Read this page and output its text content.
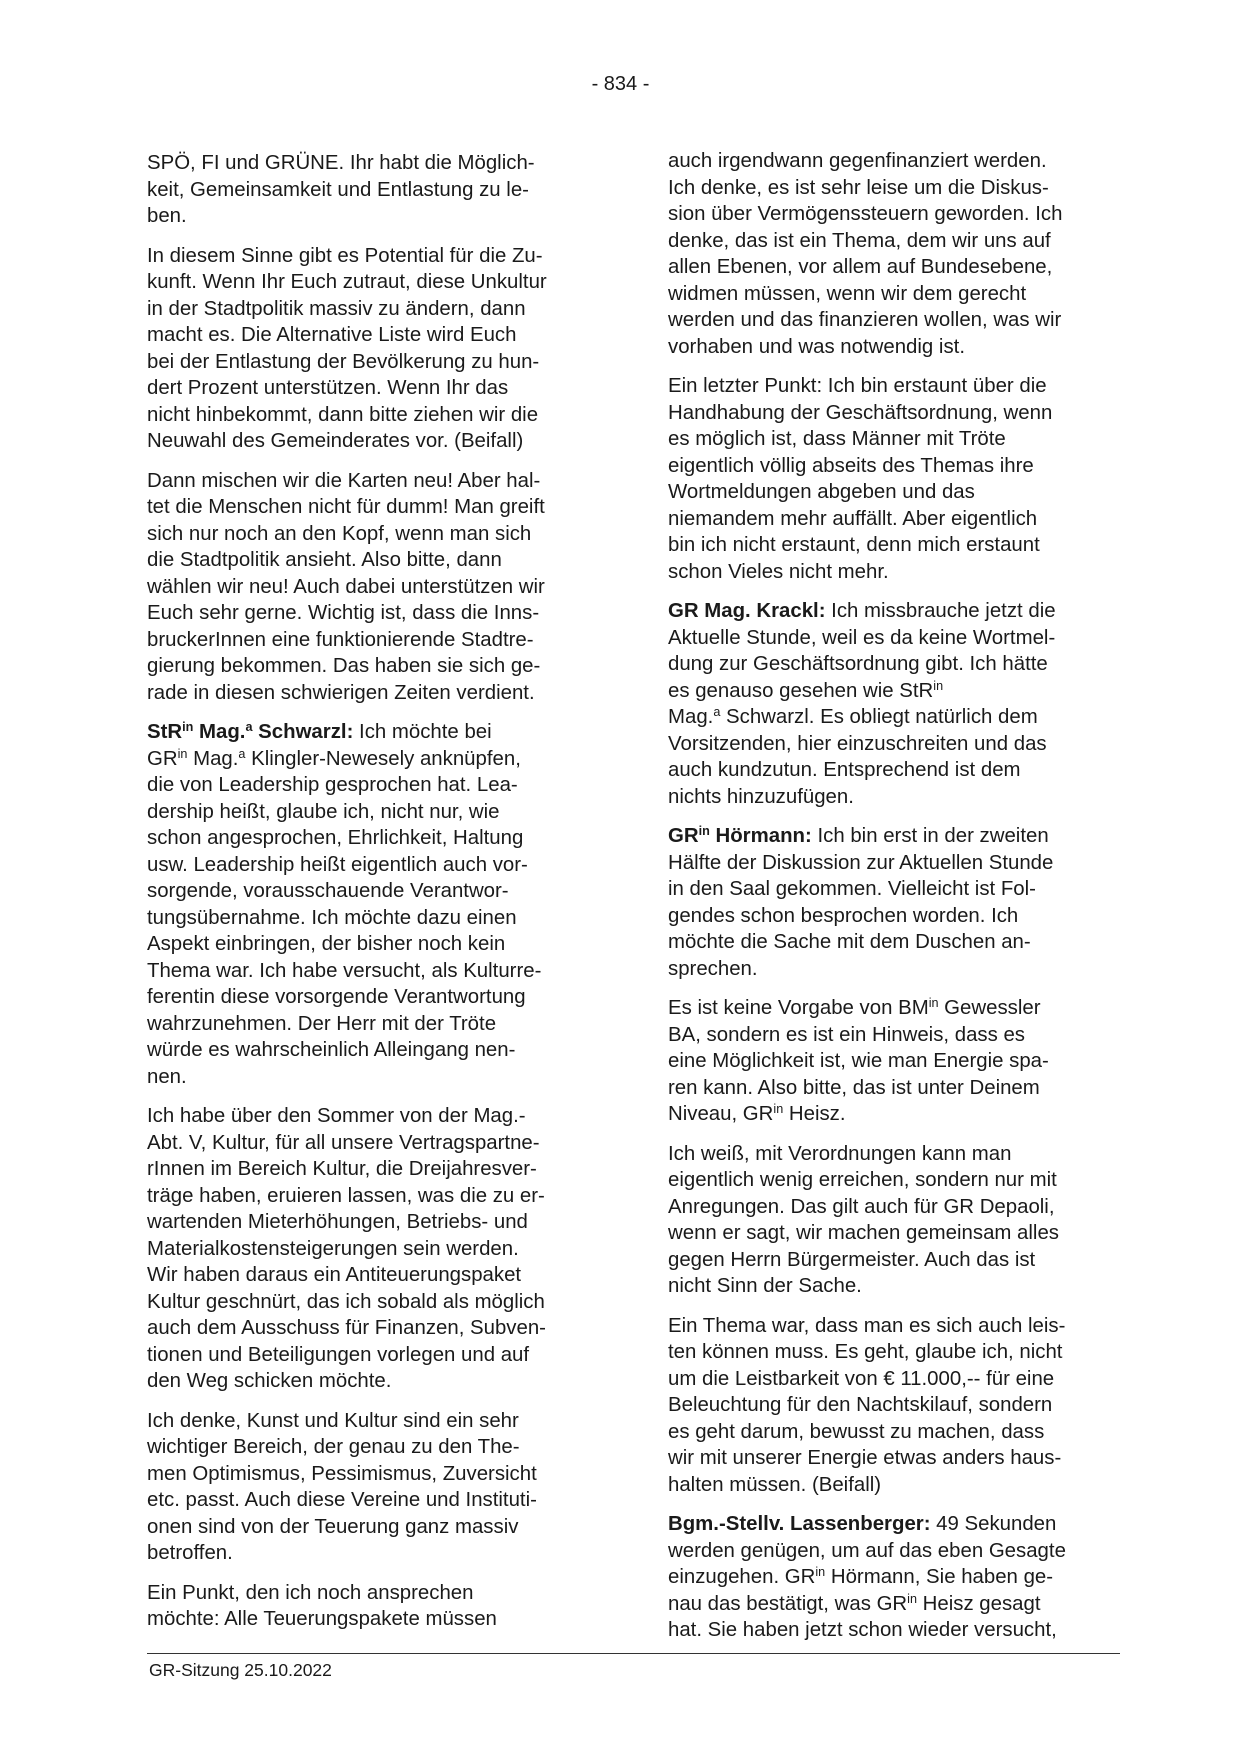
- 834 -

SPÖ, FI und GRÜNE. Ihr habt die Möglich-
keit, Gemeinsamkeit und Entlastung zu le-
ben.

In diesem Sinne gibt es Potential für die Zu-
kunft. Wenn Ihr Euch zutraut, diese Unkultur
in der Stadtpolitik massiv zu ändern, dann
macht es. Die Alternative Liste wird Euch
bei der Entlastung der Bevölkerung zu hun-
dert Prozent unterstützen. Wenn Ihr das
nicht hinbekommt, dann bitte ziehen wir die
Neuwahl des Gemeinderates vor. (Beifall)

Dann mischen wir die Karten neu! Aber hal-
tet die Menschen nicht für dumm! Man greift
sich nur noch an den Kopf, wenn man sich
die Stadtpolitik ansieht. Also bitte, dann
wählen wir neu! Auch dabei unterstützen wir
Euch sehr gerne. Wichtig ist, dass die Inns-
bruckerInnen eine funktionierende Stadtre-
gierung bekommen. Das haben sie sich ge-
rade in diesen schwierigen Zeiten verdient.

StR$^{in}$ Mag.$^a$ Schwarzl: Ich möchte bei
$GR^{in}$ Mag.$^a$ Klingler-Newesely anknüpfen,
die von Leadership gesprochen hat. Lea-
dership heißt, glaube ich, nicht nur, wie
schon angesprochen, Ehrlichkeit, Haltung
usw. Leadership heißt eigentlich auch vor-
sorgende, vorausschauende Verantwor-
tungsübernahme. Ich möchte dazu einen
Aspekt einbringen, der bisher noch kein
Thema war. Ich habe versucht, als Kulturre-
ferentin diese vorsorgende Verantwortung
wahrzunehmen. Der Herr mit der Tröte
würde es wahrscheinlich Alleingang nen-
nen.

Ich habe über den Sommer von der Mag.-
Abt. V, Kultur, für all unsere Vertragspartne-
rInnen im Bereich Kultur, die Dreijahresver-
träge haben, eruieren lassen, was die zu er-
wartenden Mieterhöhungen, Betriebs- und
Materialkostensteigerungen sein werden.
Wir haben daraus ein Antiteuerungspaket
Kultur geschnürt, das ich sobald als möglich
auch dem Ausschuss für Finanzen, Subven-
tionen und Beteiligungen vorlegen und auf
den Weg schicken möchte.

Ich denke, Kunst und Kultur sind ein sehr
wichtiger Bereich, der genau zu den The-
men Optimismus, Pessimismus, Zuversicht
etc. passt. Auch diese Vereine und Instituti-
onen sind von der Teuerung ganz massiv
betroffen.

Ein Punkt, den ich noch ansprechen
möchte: Alle Teuerungspakete müssen

auch irgendwann gegenfinanziert werden.
Ich denke, es ist sehr leise um die Diskus-
sion über Vermögenssteuern geworden. Ich
denke, das ist ein Thema, dem wir uns auf
allen Ebenen, vor allem auf Bundesebene,
widmen müssen, wenn wir dem gerecht
werden und das finanzieren wollen, was wir
vorhaben und was notwendig ist.

Ein letzter Punkt: Ich bin erstaunt über die
Handhabung der Geschäftsordnung, wenn
es möglich ist, dass Männer mit Tröte
eigentlich völlig abseits des Themas ihre
Wortmeldungen abgeben und das
niemandem mehr auffällt. Aber eigentlich
bin ich nicht erstaunt, denn mich erstaunt
schon Vieles nicht mehr.

GR Mag. Krackl: Ich missbrauche jetzt die
Aktuelle Stunde, weil es da keine Wortmel-
dung zur Geschäftsordnung gibt. Ich hätte
es genauso gesehen wie StR$^{in}$
Mag.$^a$ Schwarzl. Es obliegt natürlich dem
Vorsitzenden, hier einzuschreiten und das
auch kundzutun. Entsprechend ist dem
nichts hinzuzufügen.

$GR^{in}$ Hörmann: Ich bin erst in der zweiten
Hälfte der Diskussion zur Aktuellen Stunde
in den Saal gekommen. Vielleicht ist Fol-
gendes schon besprochen worden. Ich
möchte die Sache mit dem Duschen an-
sprechen.

Es ist keine Vorgabe von $BM^{in}$ Gewessler
BA, sondern es ist ein Hinweis, dass es
eine Möglichkeit ist, wie man Energie spa-
ren kann. Also bitte, das ist unter Deinem
Niveau, $GR^{in}$ Heisz.

Ich weiß, mit Verordnungen kann man
eigentlich wenig erreichen, sondern nur mit
Anregungen. Das gilt auch für GR Depaoli,
wenn er sagt, wir machen gemeinsam alles
gegen Herrn Bürgermeister. Auch das ist
nicht Sinn der Sache.

Ein Thema war, dass man es sich auch leis-
ten können muss. Es geht, glaube ich, nicht
um die Leistbarkeit von € 11.000,-- für eine
Beleuchtung für den Nachtskilauf, sondern
es geht darum, bewusst zu machen, dass
wir mit unserer Energie etwas anders haus-
halten müssen. (Beifall)

Bgm.-Stellv. Lassenberger: 49 Sekunden
werden genügen, um auf das eben Gesagte
einzugehen. $GR^{in}$ Hörmann, Sie haben ge-
nau das bestätigt, was $GR^{in}$ Heisz gesagt
hat. Sie haben jetzt schon wieder versucht,

GR-Sitzung 25.10.2022
